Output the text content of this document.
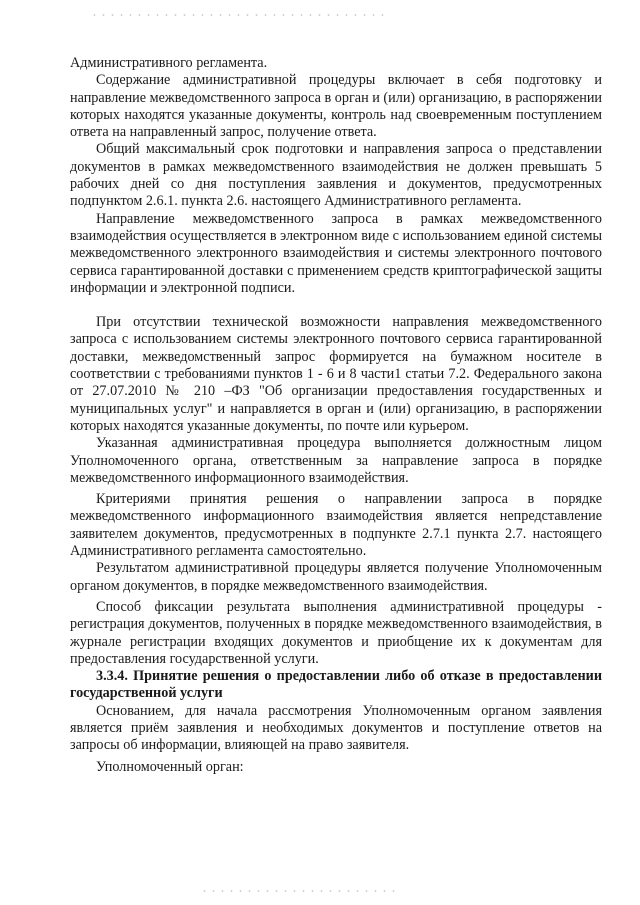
Административного регламента.

Содержание административной процедуры включает в себя подготовку и направление межведомственного запроса в орган и (или) организацию, в распоряжении которых находятся указанные документы, контроль над своевременным поступлением ответа на направленный запрос, получение ответа.

Общий максимальный срок подготовки и направления запроса о представлении документов в рамках межведомственного взаимодействия не должен превышать 5 рабочих дней со дня поступления заявления и документов, предусмотренных подпунктом 2.6.1. пункта 2.6. настоящего Административного регламента.

Направление межведомственного запроса в рамках межведомственного взаимодействия осуществляется в электронном виде с использованием единой системы межведомственного электронного взаимодействия и системы электронного почтового сервиса гарантированной доставки с применением средств криптографической защиты информации и электронной подписи.

При отсутствии технической возможности направления межведомственного запроса с использованием системы электронного почтового сервиса гарантированной доставки, межведомственный запрос формируется на бумажном носителе в соответствии с требованиями пунктов 1 - 6 и 8 части1 статьи 7.2. Федерального закона от 27.07.2010 № 210 –ФЗ "Об организации предоставления государственных и муниципальных услуг" и направляется в орган и (или) организацию, в распоряжении которых находятся указанные документы, по почте или курьером.

Указанная административная процедура выполняется должностным лицом Уполномоченного органа, ответственным за направление запроса в порядке межведомственного информационного взаимодействия.

Критериями принятия решения о направлении запроса в порядке межведомственного информационного взаимодействия является непредставление заявителем документов, предусмотренных в подпункте 2.7.1 пункта 2.7. настоящего Административного регламента самостоятельно.

Результатом административной процедуры является получение Уполномоченным органом документов, в порядке межведомственного взаимодействия.

Способ фиксации результата выполнения административной процедуры - регистрация документов, полученных в порядке межведомственного взаимодействия, в журнале регистрации входящих документов и приобщение их к документам для предоставления государственной услуги.

3.3.4. Принятие решения о предоставлении либо об отказе в предоставлении государственной услуги

Основанием, для начала рассмотрения Уполномоченным органом заявления является приём заявления и необходимых документов и поступление ответов на запросы об информации, влияющей на право заявителя.

Уполномоченный орган:
